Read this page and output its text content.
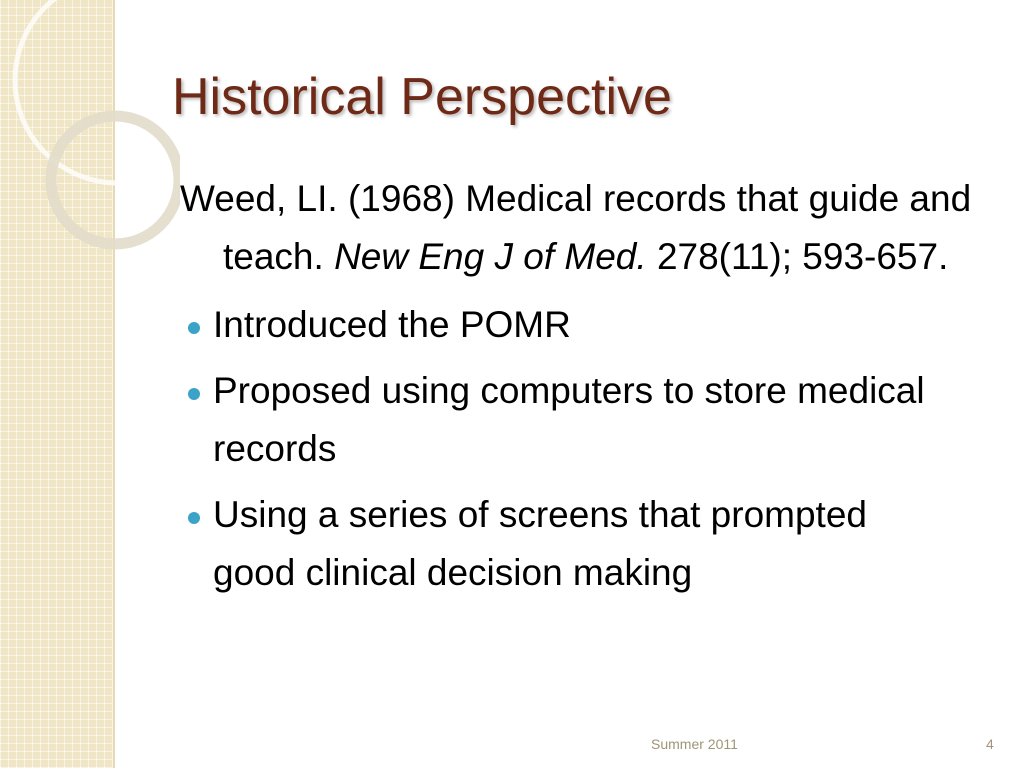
Historical Perspective

Weed, LI. (1968) Medical records that guide and teach. New Eng J of Med. 278(11); 593-657.

Introduced the POMR
Proposed using computers to store medical records
Using a series of screens that prompted good clinical decision making
Summer 2011	4
